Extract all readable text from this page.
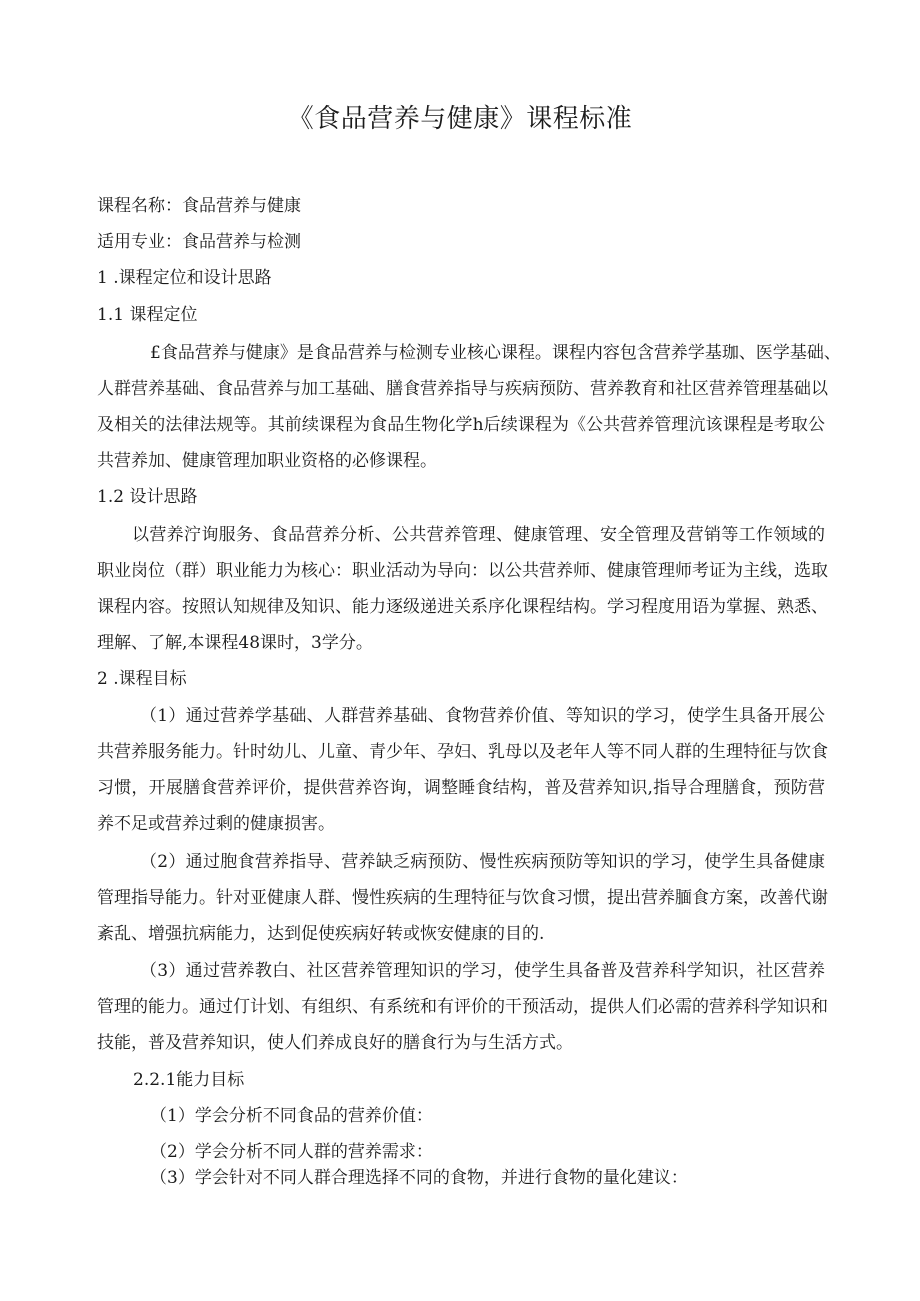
《食品营养与健康》课程标准
课程名称：食品营养与健康
适用专业：食品营养与检测
1 .课程定位和设计思路
1.1 课程定位
£食品营养与健康》是食品营养与检测专业核心课程。课程内容包含营养学基珈、医学基础、
人群营养基础、食品营养与加工基础、膳食营养指导与疾病预防、营养教育和社区营养管理基础以
及相关的法律法规等。其前续课程为食品生物化学h后续课程为《公共营养管理沆该课程是考取公
共营养加、健康管理加职业资格的必修课程。
1.2 设计思路
以营养泞询服务、食品营养分析、公共营养管理、健康管理、安全管理及营销等工作领域的
职业岗位（群）职业能力为核心：职业活动为导向：以公共营养师、健康管理师考证为主线，选取
课程内容。按照认知规律及知识、能力逐级递进关系序化课程结构。学习程度用语为掌握、熟悉、
理解、了解,本课程48课时，3学分。
2 .课程目标
（1）通过营养学基础、人群营养基础、食物营养价值、等知识的学习，使学生具备开展公
共营养服务能力。针时幼儿、儿童、青少年、孕妇、乳母以及老年人等不同人群的生理特征与饮食
习惯，开展膳食营养评价，提供营养咨询，调整睡食结构，普及营养知识,指导合理膳食，预防营
养不足或营养过剩的健康损害。
（2）通过胞食营养指导、营养缺乏病预防、慢性疾病预防等知识的学习，使学生具备健康
管理指导能力。针对亚健康人群、慢性疾病的生理特征与饮食习惯，提出营养腼食方案，改善代谢
紊乱、增强抗病能力，达到促使疾病好转或恢安健康的目的.
（3）通过营养教白、社区营养管理知识的学习，使学生具备普及营养科学知识，社区营养
管理的能力。通过仃计划、有组织、有系统和有评价的干预活动，提供人们必需的营养科学知识和
技能，普及营养知识，使人们养成良好的膳食行为与生活方式。
2.2.1能力目标
（1）学会分析不同食品的营养价值：
（2）学会分析不同人群的营养需求：
（3）学会针对不同人群合理选择不同的食物，并进行食物的量化建议：
